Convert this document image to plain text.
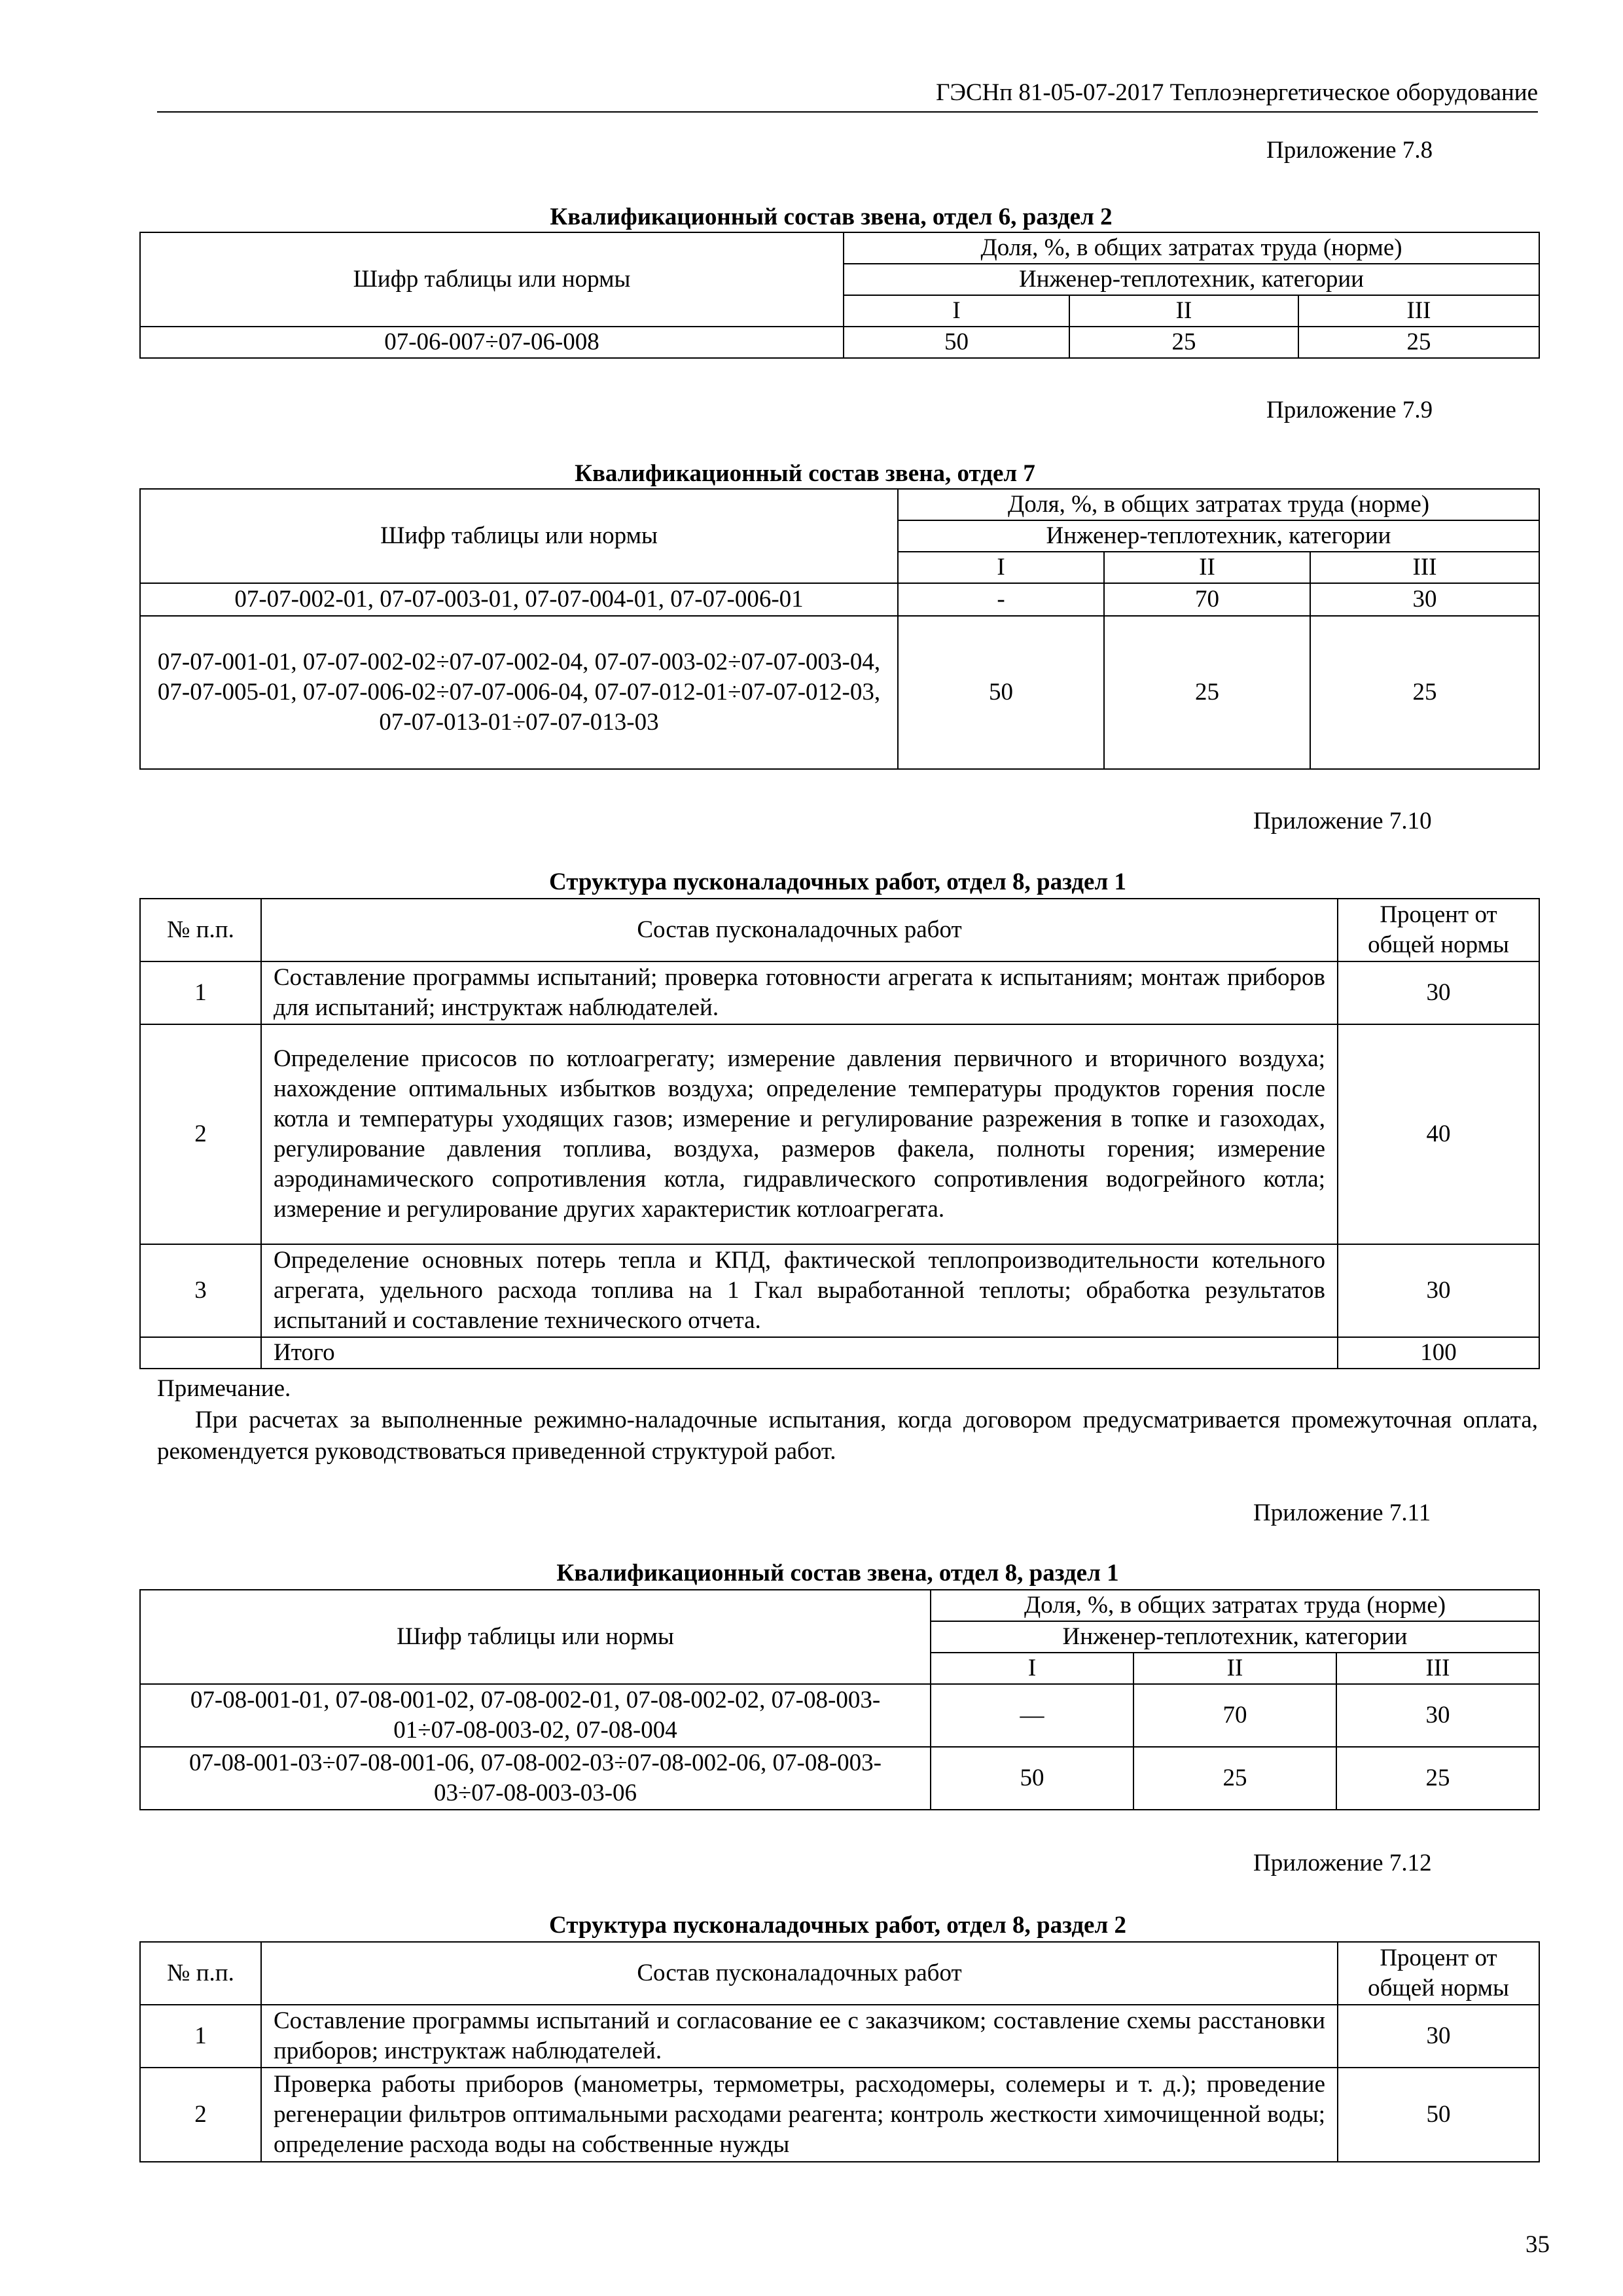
ГЭСНп 81-05-07-2017 Теплоэнергетическое оборудование
Приложение 7.8
Квалификационный состав звена, отдел 6, раздел 2
Шифр таблицы или нормы	Доля, %, в общих затратах труда (норме)		
	Инженер-теплотехник, категории		
	I	II	III
07-06-007÷07-06-008	50	25	25
Приложение 7.9
Квалификационный состав звена, отдел 7
Шифр таблицы или нормы	Доля, %, в общих затратах труда (норме)		
	Инженер-теплотехник, категории		
	I	II	III
07-07-002-01, 07-07-003-01, 07-07-004-01, 07-07-006-01	-	70	30
07-07-001-01, 07-07-002-02÷07-07-002-04, 07-07-003-02÷07-07-003-04, 07-07-005-01, 07-07-006-02÷07-07-006-04, 07-07-012-01÷07-07-012-03, 07-07-013-01÷07-07-013-03	50	25	25
Приложение 7.10
Структура пусконаладочных работ, отдел 8, раздел 1
№ п.п.	Состав пусконаладочных работ	Процент от общей нормы
1	Составление программы испытаний; проверка готовности агрегата к испытаниям; монтаж приборов для испытаний; инструктаж наблюдателей.	30
2	Определение присосов по котлоагрегату; измерение давления первичного и вторичного воздуха; нахождение оптимальных избытков воздуха; определение температуры продуктов горения после котла и температуры уходящих газов; измерение и регулирование разрежения в топке и газоходах, регулирование давления топлива, воздуха, размеров факела, полноты горения; измерение аэродинамического сопротивления котла, гидравлического сопротивления водогрейного котла; измерение и регулирование других характеристик котлоагрегата.	40
3	Определение основных потерь тепла и КПД, фактической теплопроизводительности котельного агрегата, удельного расхода топлива на 1 Гкал выработанной теплоты; обработка результатов испытаний и составление технического отчета.	30
	Итого	100

Примечание.

При расчетах за выполненные режимно-наладочные испытания, когда договором предусматривается промежуточная оплата, рекомендуется руководствоваться приведенной структурой работ.

Приложение 7.11
Квалификационный состав звена, отдел 8, раздел 1
Шифр таблицы или нормы	Доля, %, в общих затратах труда (норме)		
	Инженер-теплотехник, категории		
	I	II	III
07-08-001-01, 07-08-001-02, 07-08-002-01, 07-08-002-02, 07-08-003-01÷07-08-003-02, 07-08-004	—	70	30
07-08-001-03÷07-08-001-06, 07-08-002-03÷07-08-002-06, 07-08-003-03÷07-08-003-03-06	50	25	25
Приложение 7.12
Структура пусконаладочных работ, отдел 8, раздел 2
№ п.п.	Состав пусконаладочных работ	Процент от общей нормы
1	Составление программы испытаний и согласование ее с заказчиком; составление схемы расстановки приборов; инструктаж наблюдателей.	30
2	Проверка работы приборов (манометры, термометры, расходомеры, солемеры и т. д.); проведение регенерации фильтров оптимальными расходами реагента; контроль жесткости химочищенной воды; определение расхода воды на собственные нужды	50
35
